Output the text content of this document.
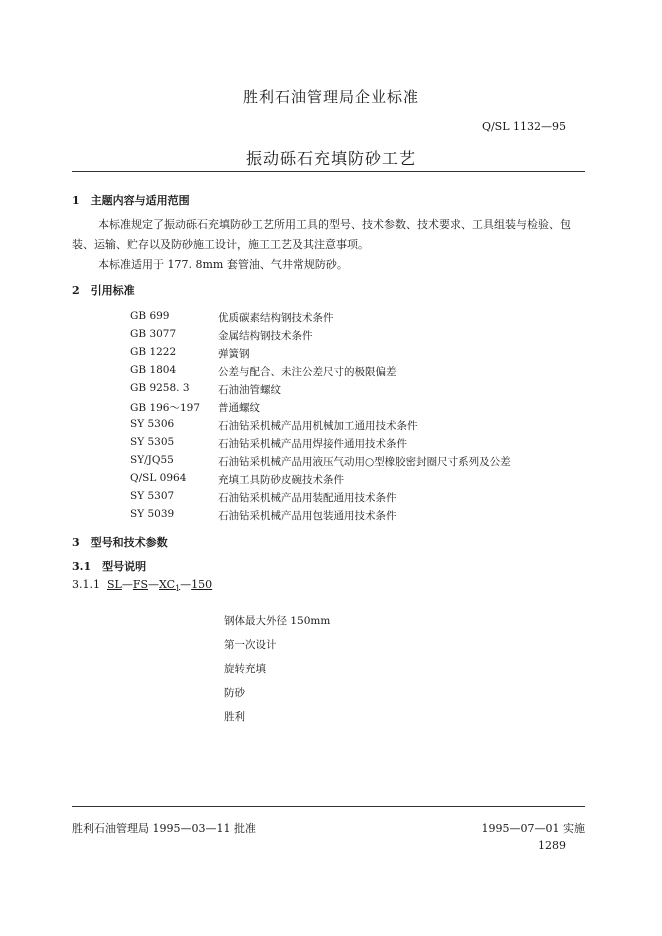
胜利石油管理局企业标准
Q/SL 1132—95
振动砾石充填防砂工艺
1　主题内容与适用范围
本标准规定了振动砾石充填防砂工艺所用工具的型号、技术参数、技术要求、工具组装与检验、包
装、运输、贮存以及防砂施工设计，施工工艺及其注意事项。
本标准适用于 177. 8mm 套管油、气井常规防砂。
2　引用标准
GB 699	优质碳素结构钢技术条件
GB 3077	金属结构钢技术条件
GB 1222	弹簧钢
GB 1804	公差与配合、未注公差尺寸的极限偏差
GB 9258. 3	石油油管螺纹
GB 196～197 普通螺纹
SY 5306	石油钻采机械产品用机械加工通用技术条件
SY 5305	石油钻采机械产品用焊接件通用技术条件
SY/JQ55	石油钻采机械产品用液压气动用○型橡胶密封圈尺寸系列及公差
Q/SL 0964	充填工具防砂皮碗技术条件
SY 5307	石油钻采机械产品用装配通用技术条件
SY 5039	石油钻采机械产品用包装通用技术条件
3　型号和技术参数
3.1　型号说明
3.1.1 $SL—FS—XC_1—150$
钢体最大外径 150mm
第一次设计
旋转充填
防砂
胜利
胜利石油管理局 1995—03—11 批准	1995—07—01 实施
1289
